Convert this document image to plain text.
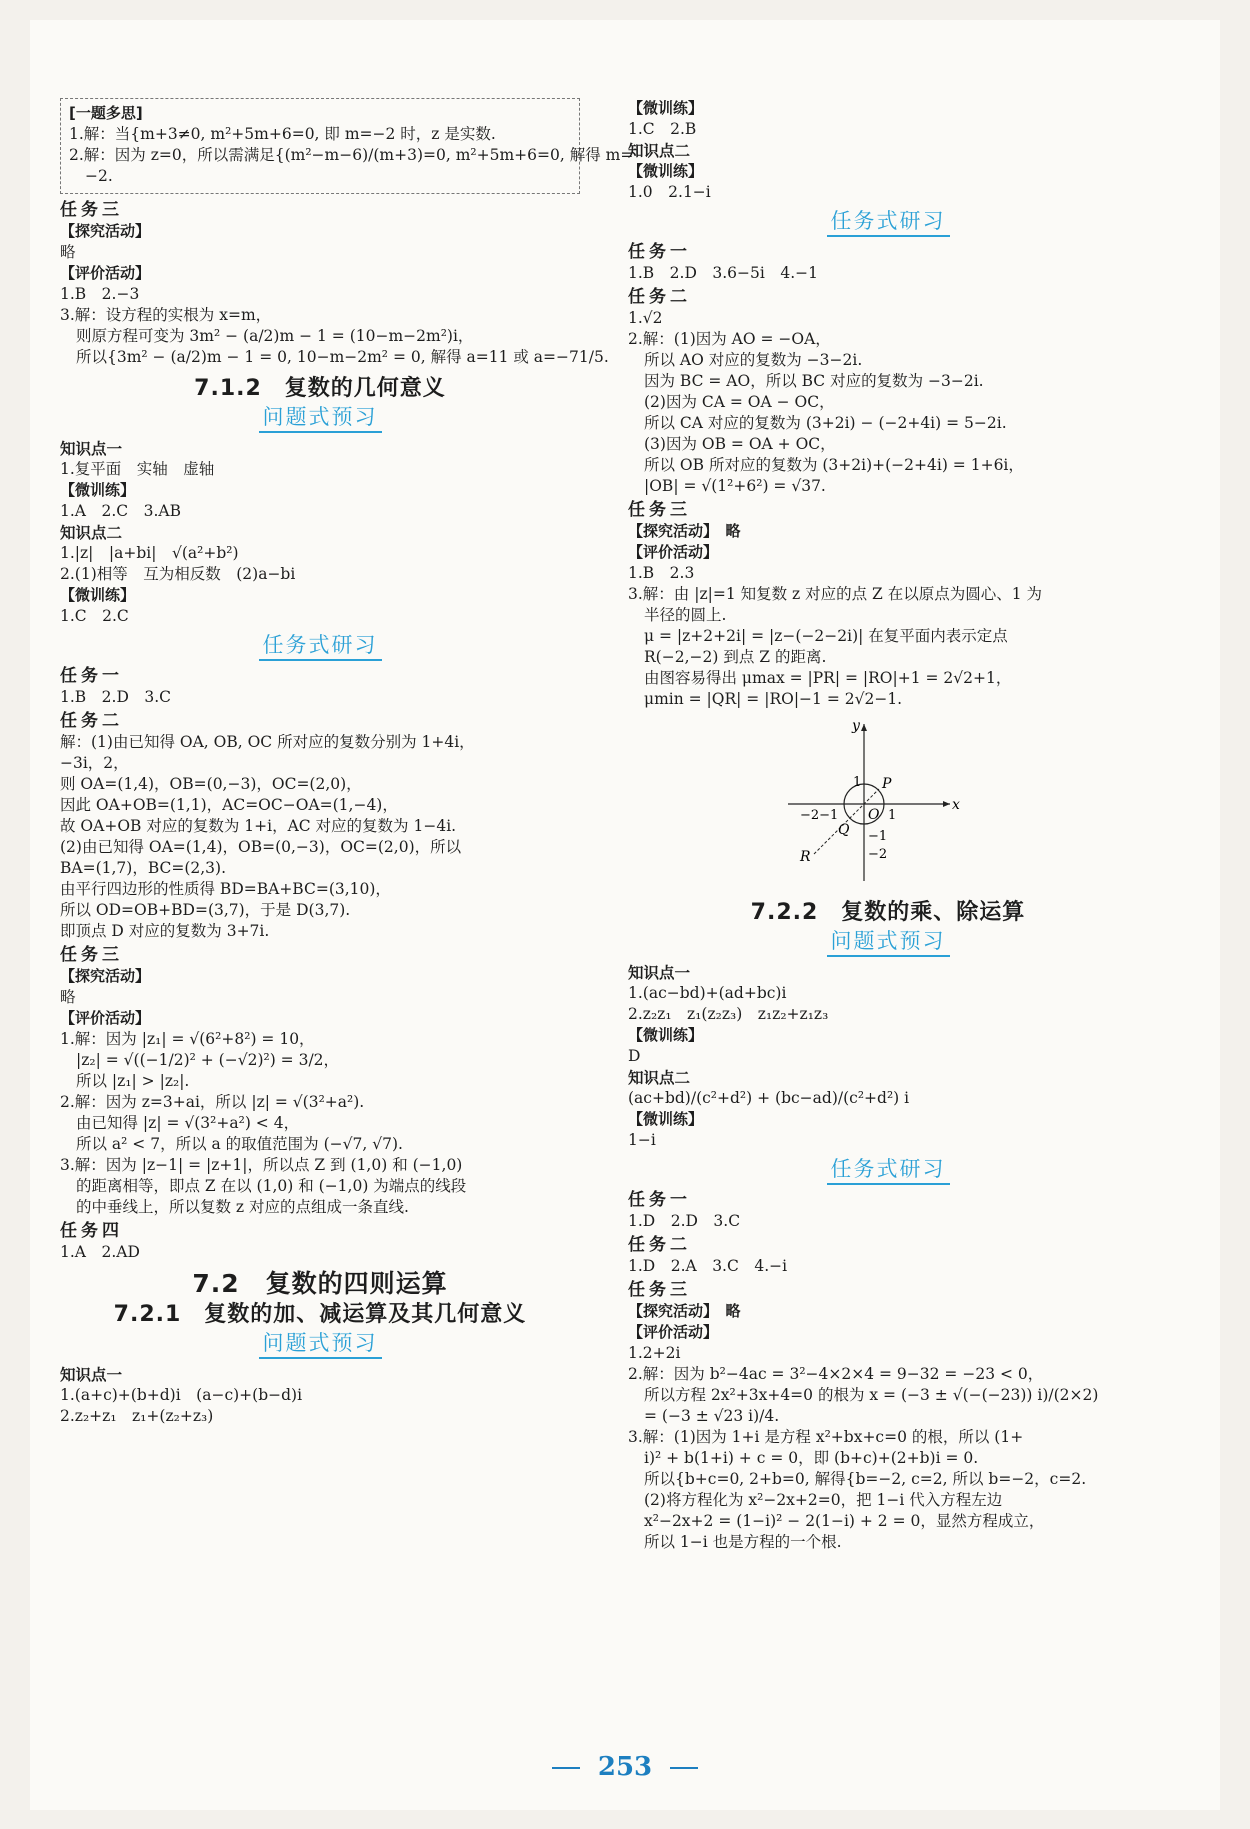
[一题多思]

1.解：当{m+3≠0, m²+5m+6=0, 即 m=−2 时，z 是实数.

2.解：因为 z=0，所以需满足{(m²−m−6)/(m+3)=0, m²+5m+6=0, 解得 m=

−2.

任务三

【探究活动】

略

【评价活动】

1.B　2.−3

3.解：设方程的实根为 x=m，

则原方程可变为 3m² − (a/2)m − 1 = (10−m−2m²)i，

所以{3m² − (a/2)m − 1 = 0, 10−m−2m² = 0, 解得 a=11 或 a=−71/5.

7.1.2　复数的几何意义
问题式预习

知识点一

1.复平面　实轴　虚轴

【微训练】

1.A　2.C　3.AB

知识点二

1.|z|　|a+bi|　√(a²+b²)

2.(1)相等　互为相反数　(2)a−bi

【微训练】

1.C　2.C

任务式研习

任务一

1.B　2.D　3.C

任务二

解：(1)由已知得 OA, OB, OC 所对应的复数分别为 1+4i，

−3i，2，

则 OA=(1,4)，OB=(0,−3)，OC=(2,0)，

因此 OA+OB=(1,1)，AC=OC−OA=(1,−4)，

故 OA+OB 对应的复数为 1+i，AC 对应的复数为 1−4i.

(2)由已知得 OA=(1,4)，OB=(0,−3)，OC=(2,0)，所以

BA=(1,7)，BC=(2,3).

由平行四边形的性质得 BD=BA+BC=(3,10)，

所以 OD=OB+BD=(3,7)，于是 D(3,7).

即顶点 D 对应的复数为 3+7i.

任务三

【探究活动】

略

【评价活动】

1.解：因为 |z₁| = √(6²+8²) = 10，

|z₂| = √((−1/2)² + (−√2)²) = 3/2，

所以 |z₁| > |z₂|.

2.解：因为 z=3+ai，所以 |z| = √(3²+a²).

由已知得 |z| = √(3²+a²) < 4，

所以 a² < 7，所以 a 的取值范围为 (−√7, √7).

3.解：因为 |z−1| = |z+1|，所以点 Z 到 (1,0) 和 (−1,0)

的距离相等，即点 Z 在以 (1,0) 和 (−1,0) 为端点的线段

的中垂线上，所以复数 z 对应的点组成一条直线.

任务四

1.A　2.AD

7.2　复数的四则运算
7.2.1　复数的加、减运算及其几何意义
问题式预习

知识点一

1.(a+c)+(b+d)i　(a−c)+(b−d)i

2.z₂+z₁　z₁+(z₂+z₃)

【微训练】

1.C　2.B

知识点二

【微训练】

1.0　2.1−i

任务式研习

任务一

1.B　2.D　3.6−5i　4.−1

任务二

1.√2

2.解：(1)因为 AO = −OA，

所以 AO 对应的复数为 −3−2i.

因为 BC = AO，所以 BC 对应的复数为 −3−2i.

(2)因为 CA = OA − OC，

所以 CA 对应的复数为 (3+2i) − (−2+4i) = 5−2i.

(3)因为 OB = OA + OC，

所以 OB 所对应的复数为 (3+2i)+(−2+4i) = 1+6i，

|OB| = √(1²+6²) = √37.

任务三

【探究活动】　略

【评价活动】

1.B　2.3

3.解：由 |z|=1 知复数 z 对应的点 Z 在以原点为圆心、1 为

半径的圆上.

μ = |z+2+2i| = |z−(−2−2i)| 在复平面内表示定点

R(−2,−2) 到点 Z 的距离.

由图容易得出 μmax = |PR| = |RO|+1 = 2√2+1，

μmin = |QR| = |RO|−1 = 2√2−1.

x
y
O 1
−2−1
1
−1
−2
P
Q
R
7.2.2　复数的乘、除运算
问题式预习

知识点一

1.(ac−bd)+(ad+bc)i

2.z₂z₁　z₁(z₂z₃)　z₁z₂+z₁z₃

【微训练】

D

知识点二

(ac+bd)/(c²+d²) + (bc−ad)/(c²+d²) i

【微训练】

1−i

任务式研习

任务一

1.D　2.D　3.C

任务二

1.D　2.A　3.C　4.−i

任务三

【探究活动】　略

【评价活动】

1.2+2i

2.解：因为 b²−4ac = 3²−4×2×4 = 9−32 = −23 < 0，

所以方程 2x²+3x+4=0 的根为 x = (−3 ± √(−(−23)) i)/(2×2)

= (−3 ± √23 i)/4.

3.解：(1)因为 1+i 是方程 x²+bx+c=0 的根，所以 (1+

i)² + b(1+i) + c = 0，即 (b+c)+(2+b)i = 0.

所以{b+c=0, 2+b=0, 解得{b=−2, c=2, 所以 b=−2，c=2.

(2)将方程化为 x²−2x+2=0，把 1−i 代入方程左边

x²−2x+2 = (1−i)² − 2(1−i) + 2 = 0，显然方程成立，

所以 1−i 也是方程的一个根.

253
